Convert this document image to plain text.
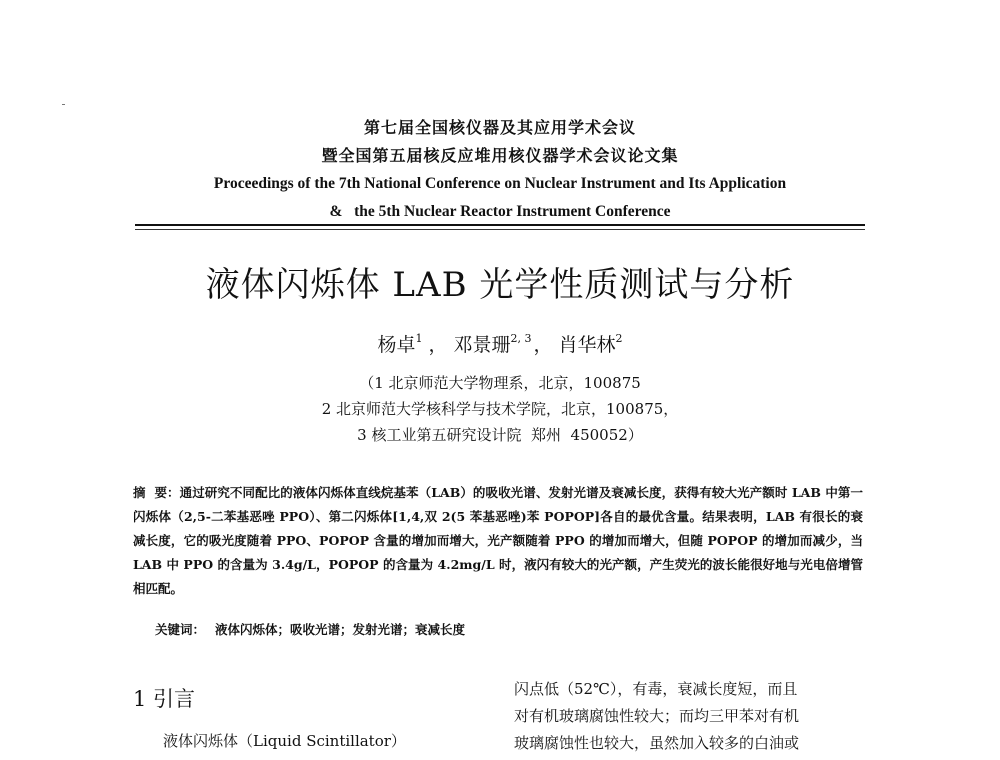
第七届全国核仪器及其应用学术会议
暨全国第五届核反应堆用核仪器学术会议论文集
Proceedings of the 7th National Conference on Nuclear Instrument and Its Application
&   the 5th Nuclear Reactor Instrument Conference
液体闪烁体 LAB 光学性质测试与分析
杨卓$^1$ ， 邓景珊$^{2, 3}$ ， 肖华林$^2$
（1 北京师范大学物理系，北京，100875
2 北京师范大学核科学与技术学院，北京，100875，
3 核工业第五研究设计院  郑州  450052）
摘  要：通过研究不同配比的液体闪烁体直线烷基苯（LAB）的吸收光谱、发射光谱及衰减长度，获得有较大光产额时 LAB 中第一闪烁体（2,5-二苯基恶唑 PPO）、第二闪烁体[1,4,双 2(5 苯基恶唑)苯 POPOP]各自的最优含量。结果表明，LAB 有很长的衰减长度，它的吸光度随着 PPO、POPOP 含量的增加而增大，光产额随着 PPO 的增加而增大，但随 POPOP 的增加而减少，当 LAB 中 PPO 的含量为 3.4g/L，POPOP 的含量为 4.2mg/L 时，液闪有较大的光产额，产生荧光的波长能很好地与光电倍增管相匹配。
关键词： 液体闪烁体；吸收光谱；发射光谱；衰减长度
1 引言
液体闪烁体（Liquid Scintillator）
闪点低（52℃），有毒，衰减长度短，而且
对有机玻璃腐蚀性较大；而均三甲苯对有机
玻璃腐蚀性也较大，虽然加入较多的白油或
